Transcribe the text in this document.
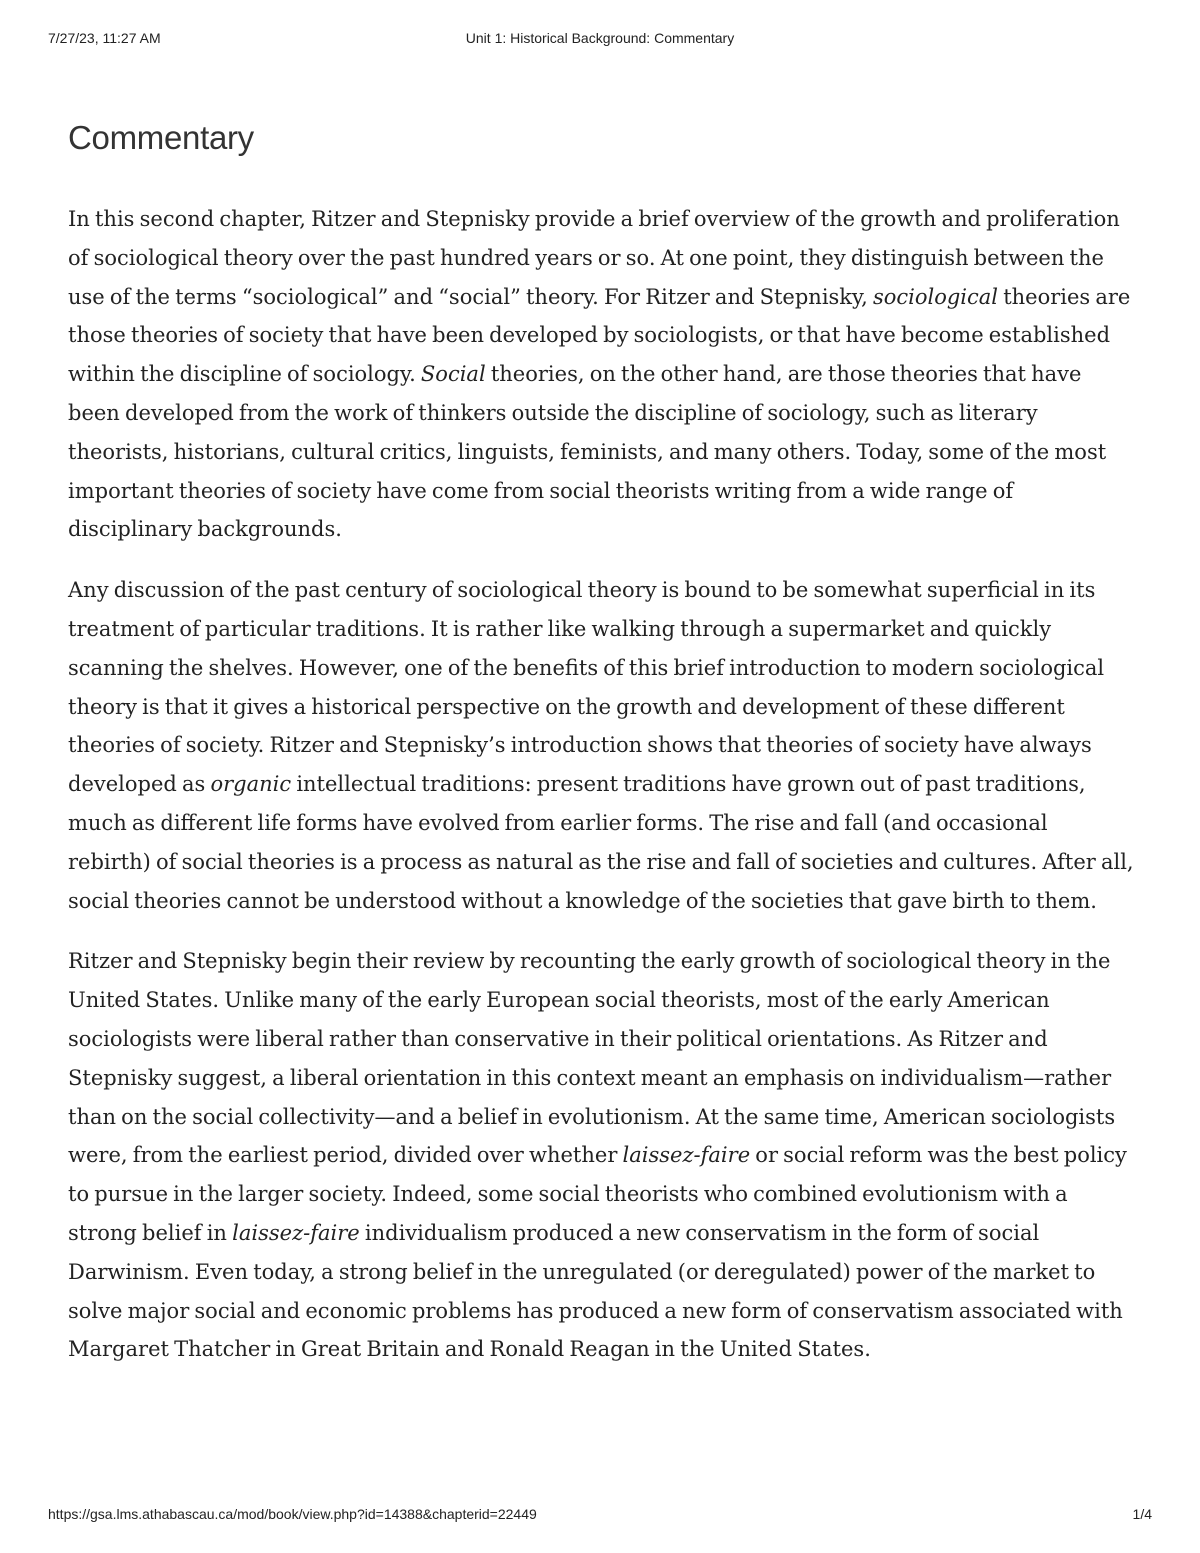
7/27/23, 11:27 AM	Unit 1: Historical Background: Commentary
Commentary

In this second chapter, Ritzer and Stepnisky provide a brief overview of the growth and proliferation of sociological theory over the past hundred years or so. At one point, they distinguish between the use of the terms “sociological” and “social” theory. For Ritzer and Stepnisky, sociological theories are those theories of society that have been developed by sociologists, or that have become established within the discipline of sociology. Social theories, on the other hand, are those theories that have been developed from the work of thinkers outside the discipline of sociology, such as literary theorists, historians, cultural critics, linguists, feminists, and many others. Today, some of the most important theories of society have come from social theorists writing from a wide range of disciplinary backgrounds.

Any discussion of the past century of sociological theory is bound to be somewhat superficial in its treatment of particular traditions. It is rather like walking through a supermarket and quickly scanning the shelves. However, one of the benefits of this brief introduction to modern sociological theory is that it gives a historical perspective on the growth and development of these different theories of society. Ritzer and Stepnisky’s introduction shows that theories of society have always developed as organic intellectual traditions: present traditions have grown out of past traditions, much as different life forms have evolved from earlier forms. The rise and fall (and occasional rebirth) of social theories is a process as natural as the rise and fall of societies and cultures. After all, social theories cannot be understood without a knowledge of the societies that gave birth to them.

Ritzer and Stepnisky begin their review by recounting the early growth of sociological theory in the United States. Unlike many of the early European social theorists, most of the early American sociologists were liberal rather than conservative in their political orientations. As Ritzer and Stepnisky suggest, a liberal orientation in this context meant an emphasis on individualism—rather than on the social collectivity—and a belief in evolutionism. At the same time, American sociologists were, from the earliest period, divided over whether laissez-faire or social reform was the best policy to pursue in the larger society. Indeed, some social theorists who combined evolutionism with a strong belief in laissez-faire individualism produced a new conservatism in the form of social Darwinism. Even today, a strong belief in the unregulated (or deregulated) power of the market to solve major social and economic problems has produced a new form of conservatism associated with Margaret Thatcher in Great Britain and Ronald Reagan in the United States.

https://gsa.lms.athabascau.ca/mod/book/view.php?id=14388&chapterid=22449	1/4
